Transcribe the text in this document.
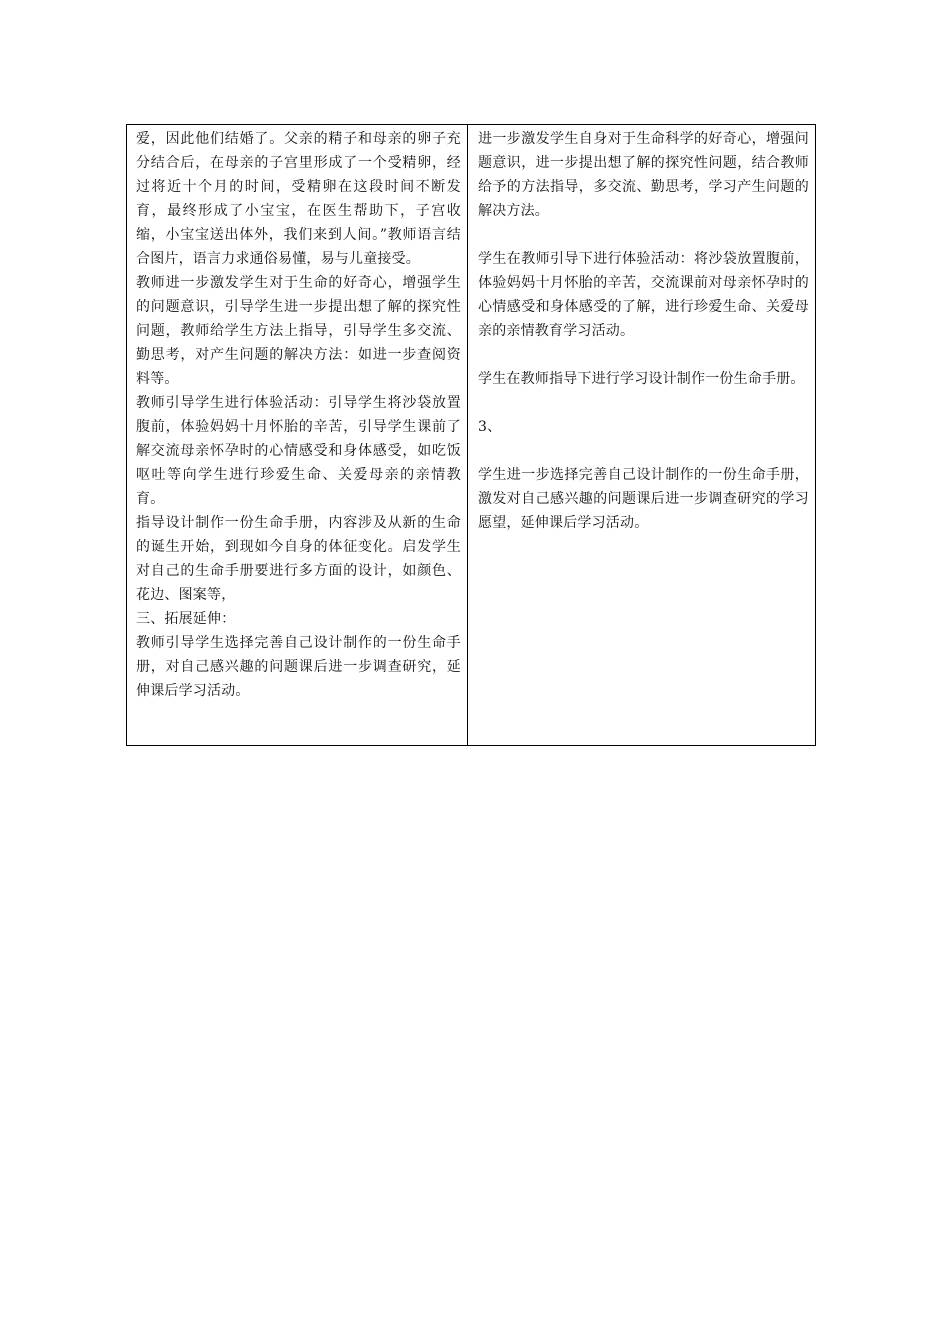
爱，因此他们结婚了。父亲的精子和母亲的卵子充分结合后，在母亲的子宫里形成了一个受精卵，经过将近十个月的时间，受精卵在这段时间不断发育，最终形成了小宝宝，在医生帮助下，子宫收缩，小宝宝送出体外，我们来到人间。”教师语言结合图片，语言力求通俗易懂，易与儿童接受。

教师进一步激发学生对于生命的好奇心，增强学生的问题意识，引导学生进一步提出想了解的探究性问题，教师给学生方法上指导，引导学生多交流、勤思考，对产生问题的解决方法：如进一步查阅资料等。

教师引导学生进行体验活动：引导学生将沙袋放置腹前，体验妈妈十月怀胎的辛苦，引导学生课前了解交流母亲怀孕时的心情感受和身体感受，如吃饭呕吐等向学生进行珍爱生命、关爱母亲的亲情教育。

指导设计制作一份生命手册，内容涉及从新的生命的诞生开始，到现如今自身的体征变化。启发学生对自己的生命手册要进行多方面的设计，如颜色、花边、图案等，

三、拓展延伸：

教师引导学生选择完善自己设计制作的一份生命手册，对自己感兴趣的问题课后进一步调查研究，延伸课后学习活动。

进一步激发学生自身对于生命科学的好奇心，增强问题意识，进一步提出想了解的探究性问题，结合教师给予的方法指导，多交流、勤思考，学习产生问题的解决方法。

学生在教师引导下进行体验活动：将沙袋放置腹前，体验妈妈十月怀胎的辛苦，交流课前对母亲怀孕时的心情感受和身体感受的了解，进行珍爱生命、关爱母亲的亲情教育学习活动。

学生在教师指导下进行学习设计制作一份生命手册。

3、

学生进一步选择完善自己设计制作的一份生命手册，激发对自己感兴趣的问题课后进一步调查研究的学习愿望，延伸课后学习活动。
